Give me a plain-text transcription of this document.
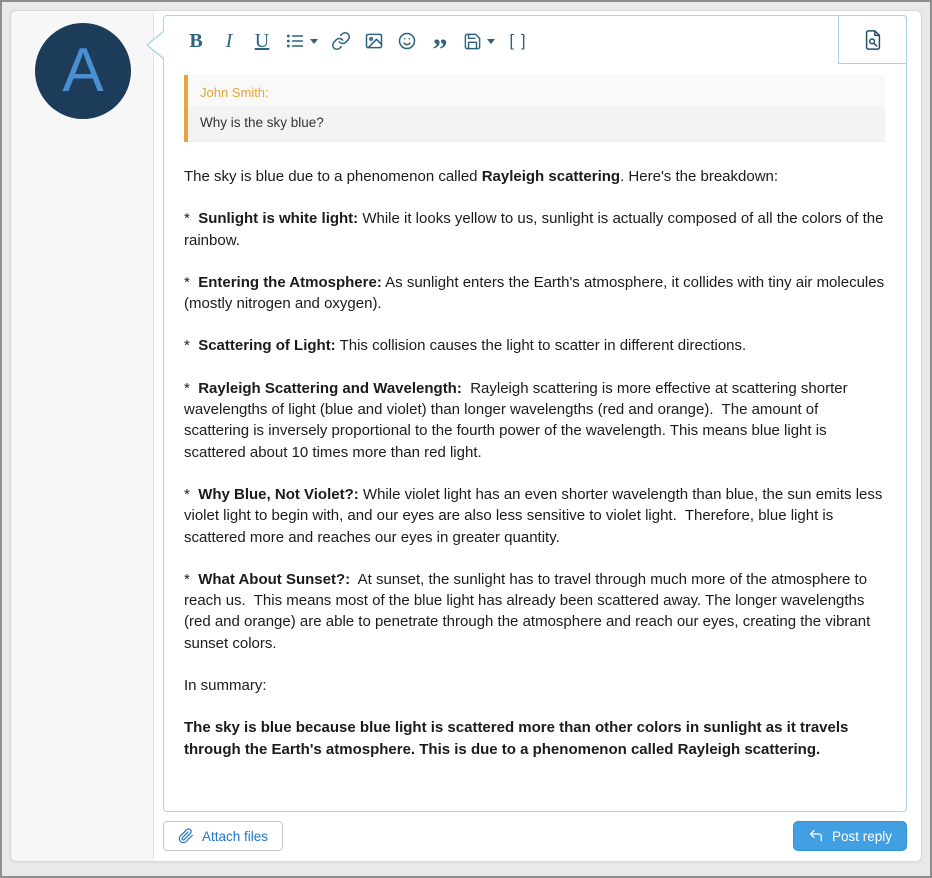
A	B I U	”	[ ]
John Smith:
Why is the sky blue?

The sky is blue due to a phenomenon called Rayleigh scattering. Here's the breakdown:

*  Sunlight is white light: While it looks yellow to us, sunlight is actually composed of all the colors of the rainbow.

*  Entering the Atmosphere: As sunlight enters the Earth's atmosphere, it collides with tiny air molecules (mostly nitrogen and oxygen).

*  Scattering of Light: This collision causes the light to scatter in different directions.

*  Rayleigh Scattering and Wavelength:  Rayleigh scattering is more effective at scattering shorter wavelengths of light (blue and violet) than longer wavelengths (red and orange).  The amount of scattering is inversely proportional to the fourth power of the wavelength. This means blue light is scattered about 10 times more than red light.

*  Why Blue, Not Violet?: While violet light has an even shorter wavelength than blue, the sun emits less violet light to begin with, and our eyes are also less sensitive to violet light.  Therefore, blue light is scattered more and reaches our eyes in greater quantity.

*  What About Sunset?:  At sunset, the sunlight has to travel through much more of the atmosphere to reach us.  This means most of the blue light has already been scattered away. The longer wavelengths (red and orange) are able to penetrate through the atmosphere and reach our eyes, creating the vibrant sunset colors.

In summary:

The sky is blue because blue light is scattered more than other colors in sunlight as it travels through the Earth's atmosphere. This is due to a phenomenon called Rayleigh scattering.

Attach files	Post reply
